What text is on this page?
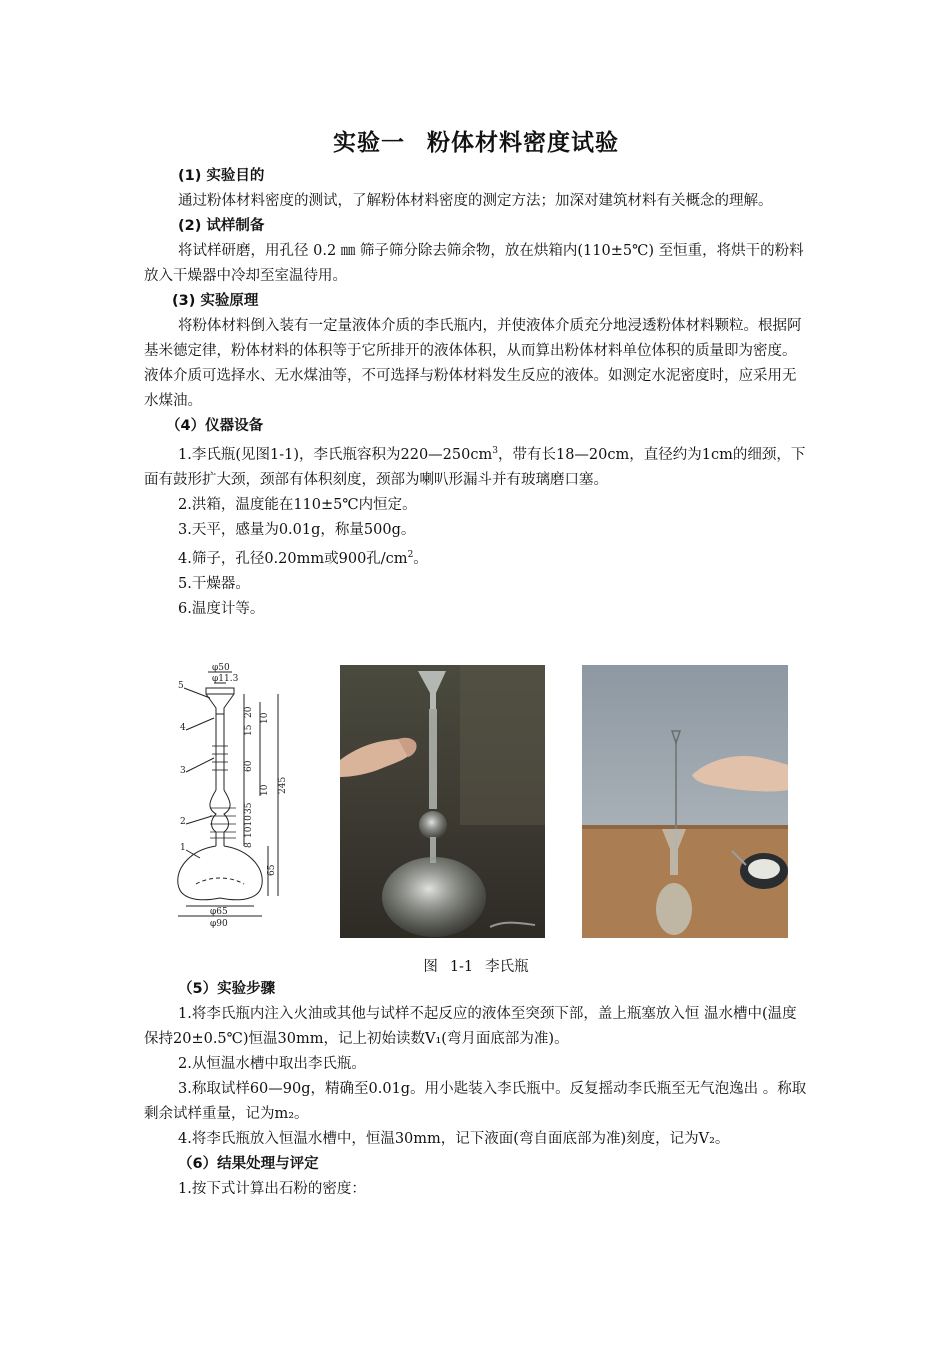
实验一 粉体材料密度试验

(1) 实验目的

通过粉体材料密度的测试，了解粉体材料密度的测定方法；加深对建筑材料有关概念的理解。

(2) 试样制备

将试样研磨，用孔径 0.2 ㎜ 筛子筛分除去筛余物，放在烘箱内(110±5℃) 至恒重，将烘干的粉料放入干燥器中冷却至室温待用。

(3) 实验原理

将粉体材料倒入装有一定量液体介质的李氏瓶内，并使液体介质充分地浸透粉体材料颗粒。根据阿基米德定律，粉体材料的体积等于它所排开的液体体积，从而算出粉体材料单位体积的质量即为密度。液体介质可选择水、无水煤油等，不可选择与粉体材料发生反应的液体。如测定水泥密度时，应采用无水煤油。

（4）仪器设备

1.李氏瓶(见图1-1)，李氏瓶容积为$220—250cm^3$，带有长18—20cm，直径约为1cm的细颈，下面有鼓形扩大颈，颈部有体积刻度，颈部为喇叭形漏斗并有玻璃磨口塞。

2.洪箱，温度能在110±5℃内恒定。

3.天平，感量为0.01g，称量500g。

4.筛子，孔径0.20mm或900孔$/cm^2$。

5.干燥器。

6.温度计等。

φ50
φ11.3
5
4
3
2
1
20
10
15
60
10 245
35
1010
8
65
φ65
φ90
图 1-1 李氏瓶

（5）实验步骤

1.将李氏瓶内注入火油或其他与试样不起反应的液体至突颈下部，盖上瓶塞放入恒 温水槽中(温度保持20±0.5℃)恒温30mm，记上初始读数V₁(弯月面底部为准)。

2.从恒温水槽中取出李氏瓶。

3.称取试样60—90g，精确至0.01g。用小匙装入李氏瓶中。反复摇动李氏瓶至无气泡逸出 。称取剩余试样重量，记为m₂。

4.将李氏瓶放入恒温水槽中，恒温30mm，记下液面(弯自面底部为准)刻度，记为V₂。

（6）结果处理与评定

1.按下式计算出石粉的密度：
